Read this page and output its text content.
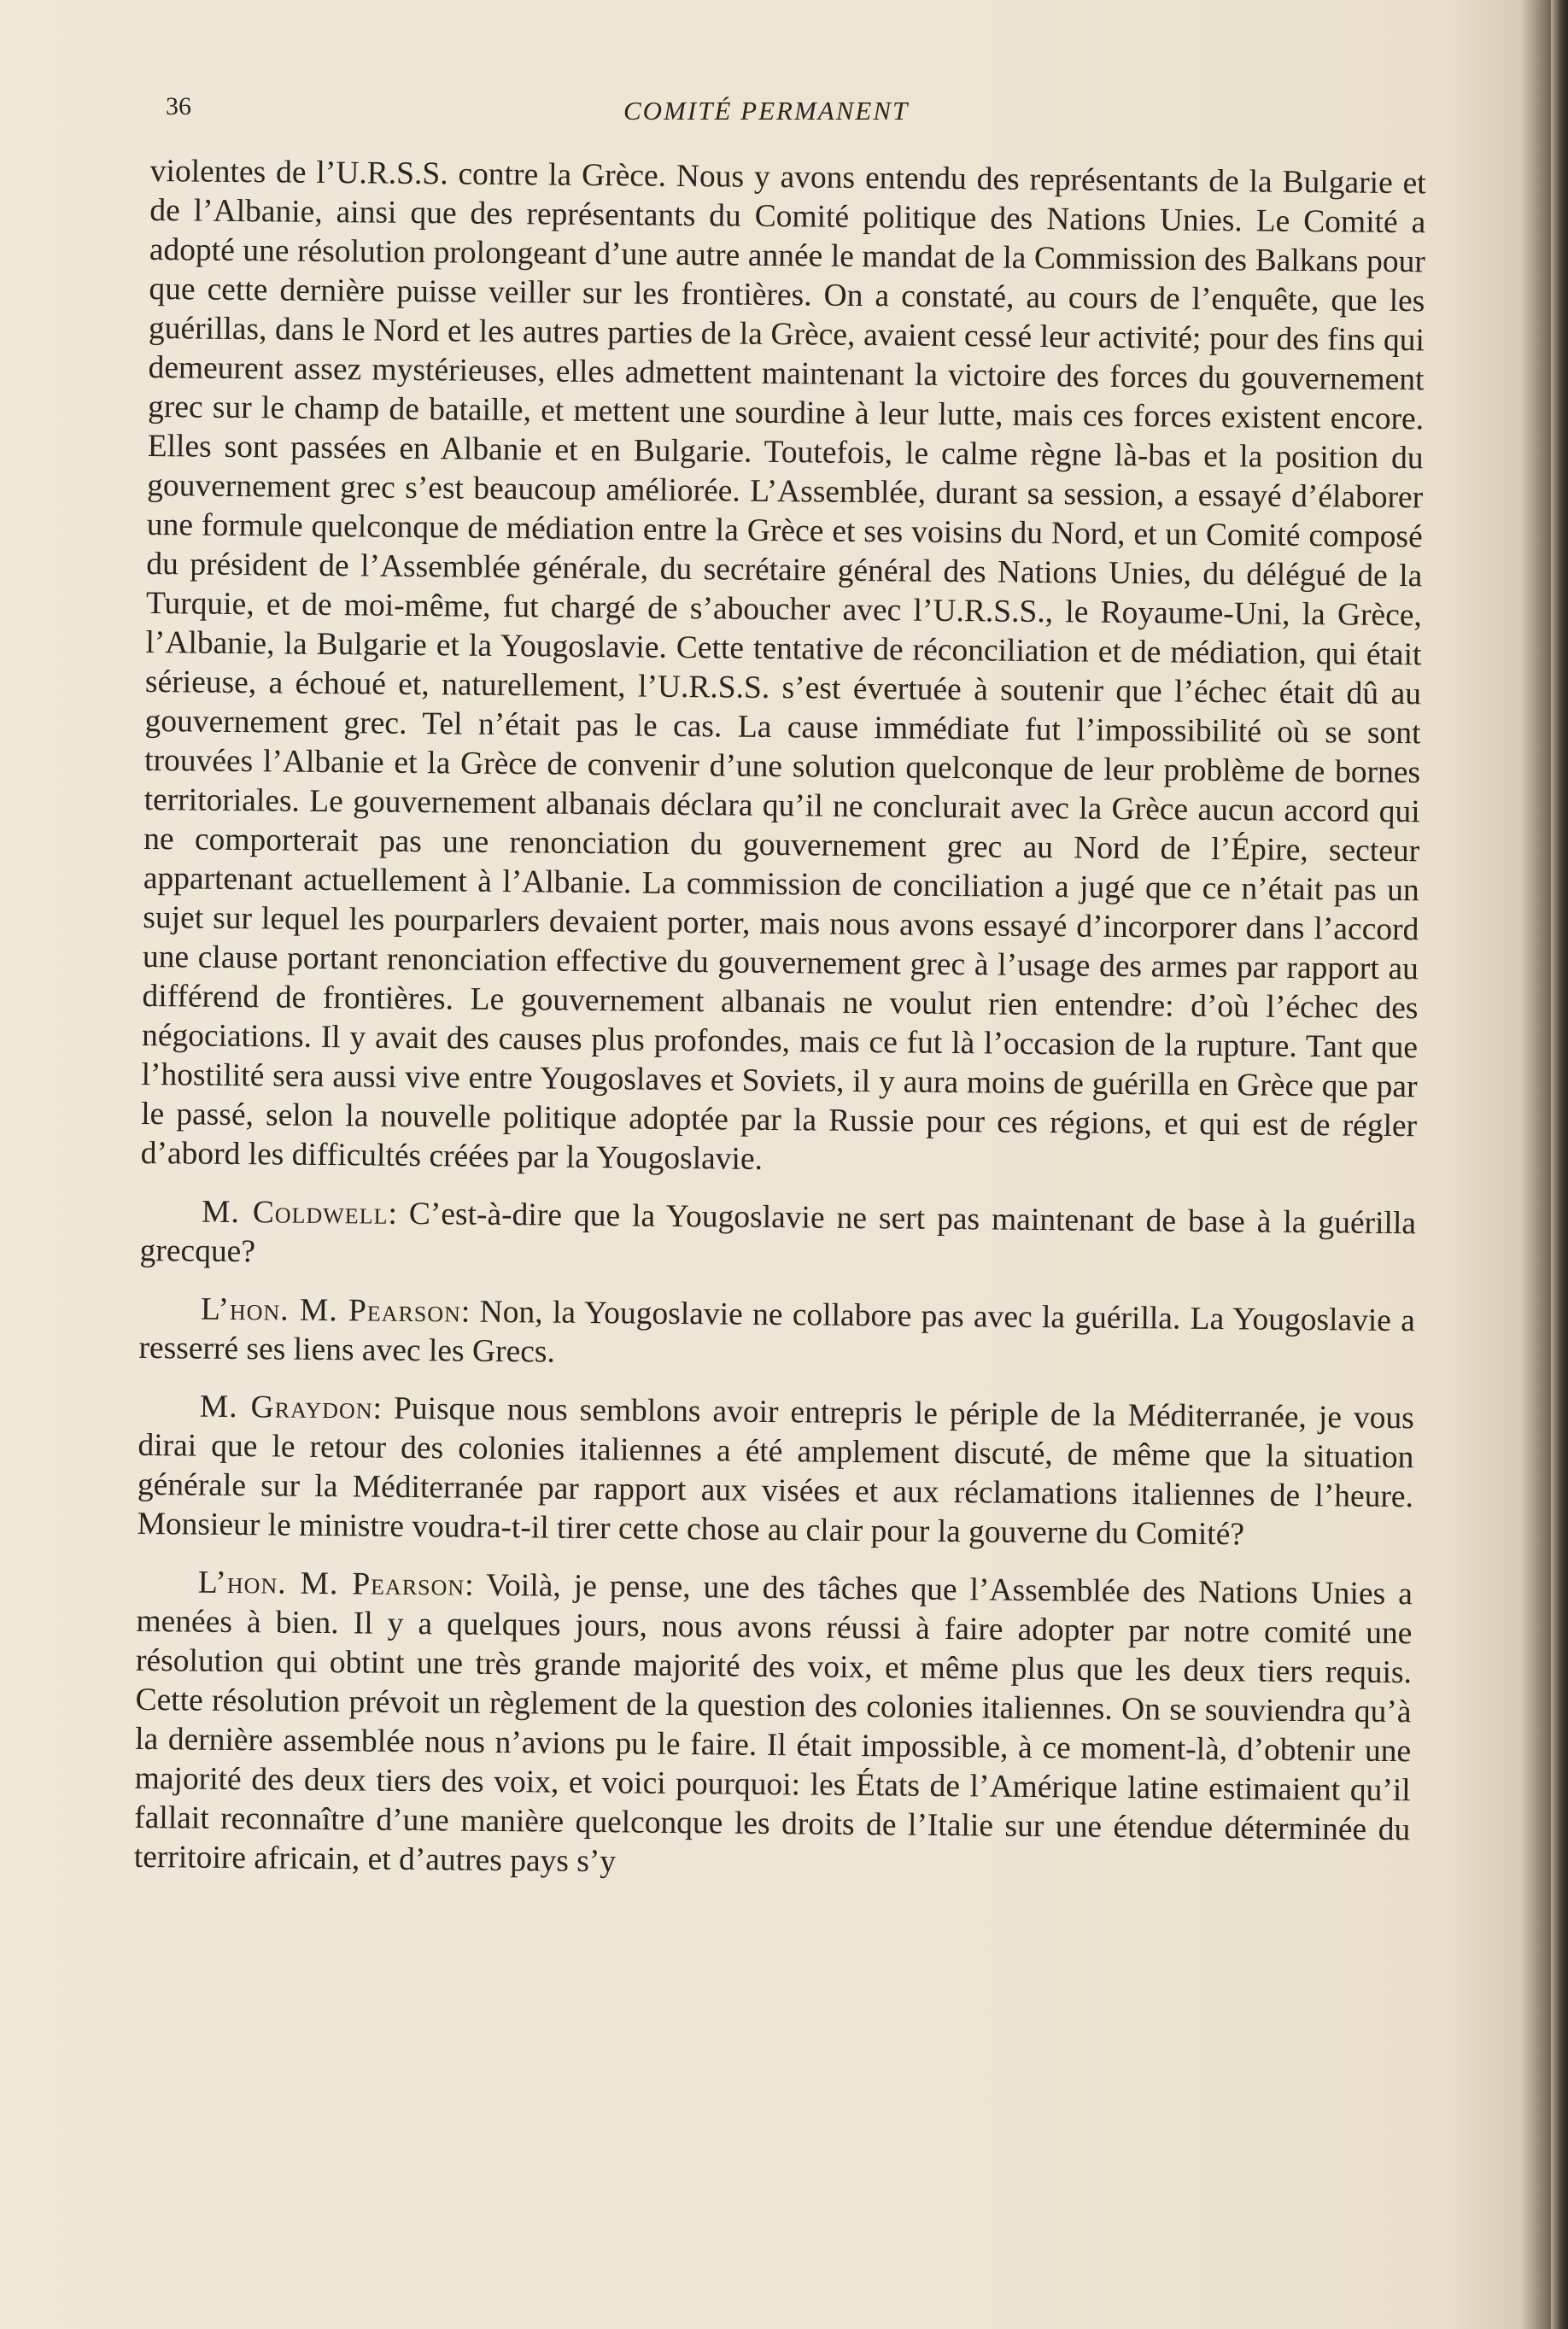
36	COMITÉ PERMANENT

violentes de l’U.R.S.S. contre la Grèce. Nous y avons entendu des représentants de la Bulgarie et de l’Albanie, ainsi que des représentants du Comité politique des Nations Unies. Le Comité a adopté une résolution prolongeant d’une autre année le mandat de la Commission des Balkans pour que cette dernière puisse veiller sur les frontières. On a constaté, au cours de l’enquête, que les guérillas, dans le Nord et les autres parties de la Grèce, avaient cessé leur activité; pour des fins qui demeurent assez mystérieuses, elles admettent maintenant la victoire des forces du gouvernement grec sur le champ de bataille, et mettent une sourdine à leur lutte, mais ces forces existent encore. Elles sont passées en Albanie et en Bulgarie. Toutefois, le calme règne là-bas et la position du gouvernement grec s’est beaucoup améliorée. L’Assemblée, durant sa session, a essayé d’élaborer une formule quelconque de médiation entre la Grèce et ses voisins du Nord, et un Comité composé du président de l’Assemblée générale, du secrétaire général des Nations Unies, du délégué de la Turquie, et de moi-même, fut chargé de s’aboucher avec l’U.R.S.S., le Royaume-Uni, la Grèce, l’Albanie, la Bulgarie et la Yougoslavie. Cette tentative de réconciliation et de médiation, qui était sérieuse, a échoué et, naturellement, l’U.R.S.S. s’est évertuée à soutenir que l’échec était dû au gouvernement grec. Tel n’était pas le cas. La cause immédiate fut l’impossibilité où se sont trouvées l’Albanie et la Grèce de convenir d’une solution quelconque de leur problème de bornes territoriales. Le gouvernement albanais déclara qu’il ne conclurait avec la Grèce aucun accord qui ne comporterait pas une renonciation du gouvernement grec au Nord de l’Épire, secteur appartenant actuellement à l’Albanie. La commission de conciliation a jugé que ce n’était pas un sujet sur lequel les pourparlers devaient porter, mais nous avons essayé d’incorporer dans l’accord une clause portant renonciation effective du gouvernement grec à l’usage des armes par rapport au différend de frontières. Le gouvernement albanais ne voulut rien entendre: d’où l’échec des négociations. Il y avait des causes plus profondes, mais ce fut là l’occasion de la rupture. Tant que l’hostilité sera aussi vive entre Yougoslaves et Soviets, il y aura moins de guérilla en Grèce que par le passé, selon la nouvelle politique adoptée par la Russie pour ces régions, et qui est de régler d’abord les difficultés créées par la Yougoslavie.

M. Coldwell: C’est-à-dire que la Yougoslavie ne sert pas maintenant de base à la guérilla grecque?

L’hon. M. Pearson: Non, la Yougoslavie ne collabore pas avec la guérilla. La Yougoslavie a resserré ses liens avec les Grecs.

M. Graydon: Puisque nous semblons avoir entrepris le périple de la Méditerranée, je vous dirai que le retour des colonies italiennes a été amplement discuté, de même que la situation générale sur la Méditerranée par rapport aux visées et aux réclamations italiennes de l’heure. Monsieur le ministre voudra-t-il tirer cette chose au clair pour la gouverne du Comité?

L’hon. M. Pearson: Voilà, je pense, une des tâches que l’Assemblée des Nations Unies a menées à bien. Il y a quelques jours, nous avons réussi à faire adopter par notre comité une résolution qui obtint une très grande majorité des voix, et même plus que les deux tiers requis. Cette résolution prévoit un règlement de la question des colonies italiennes. On se souviendra qu’à la dernière assemblée nous n’avions pu le faire. Il était impossible, à ce moment-là, d’obtenir une majorité des deux tiers des voix, et voici pourquoi: les États de l’Amérique latine estimaient qu’il fallait reconnaître d’une manière quelconque les droits de l’Italie sur une étendue déterminée du territoire africain, et d’autres pays s’y
